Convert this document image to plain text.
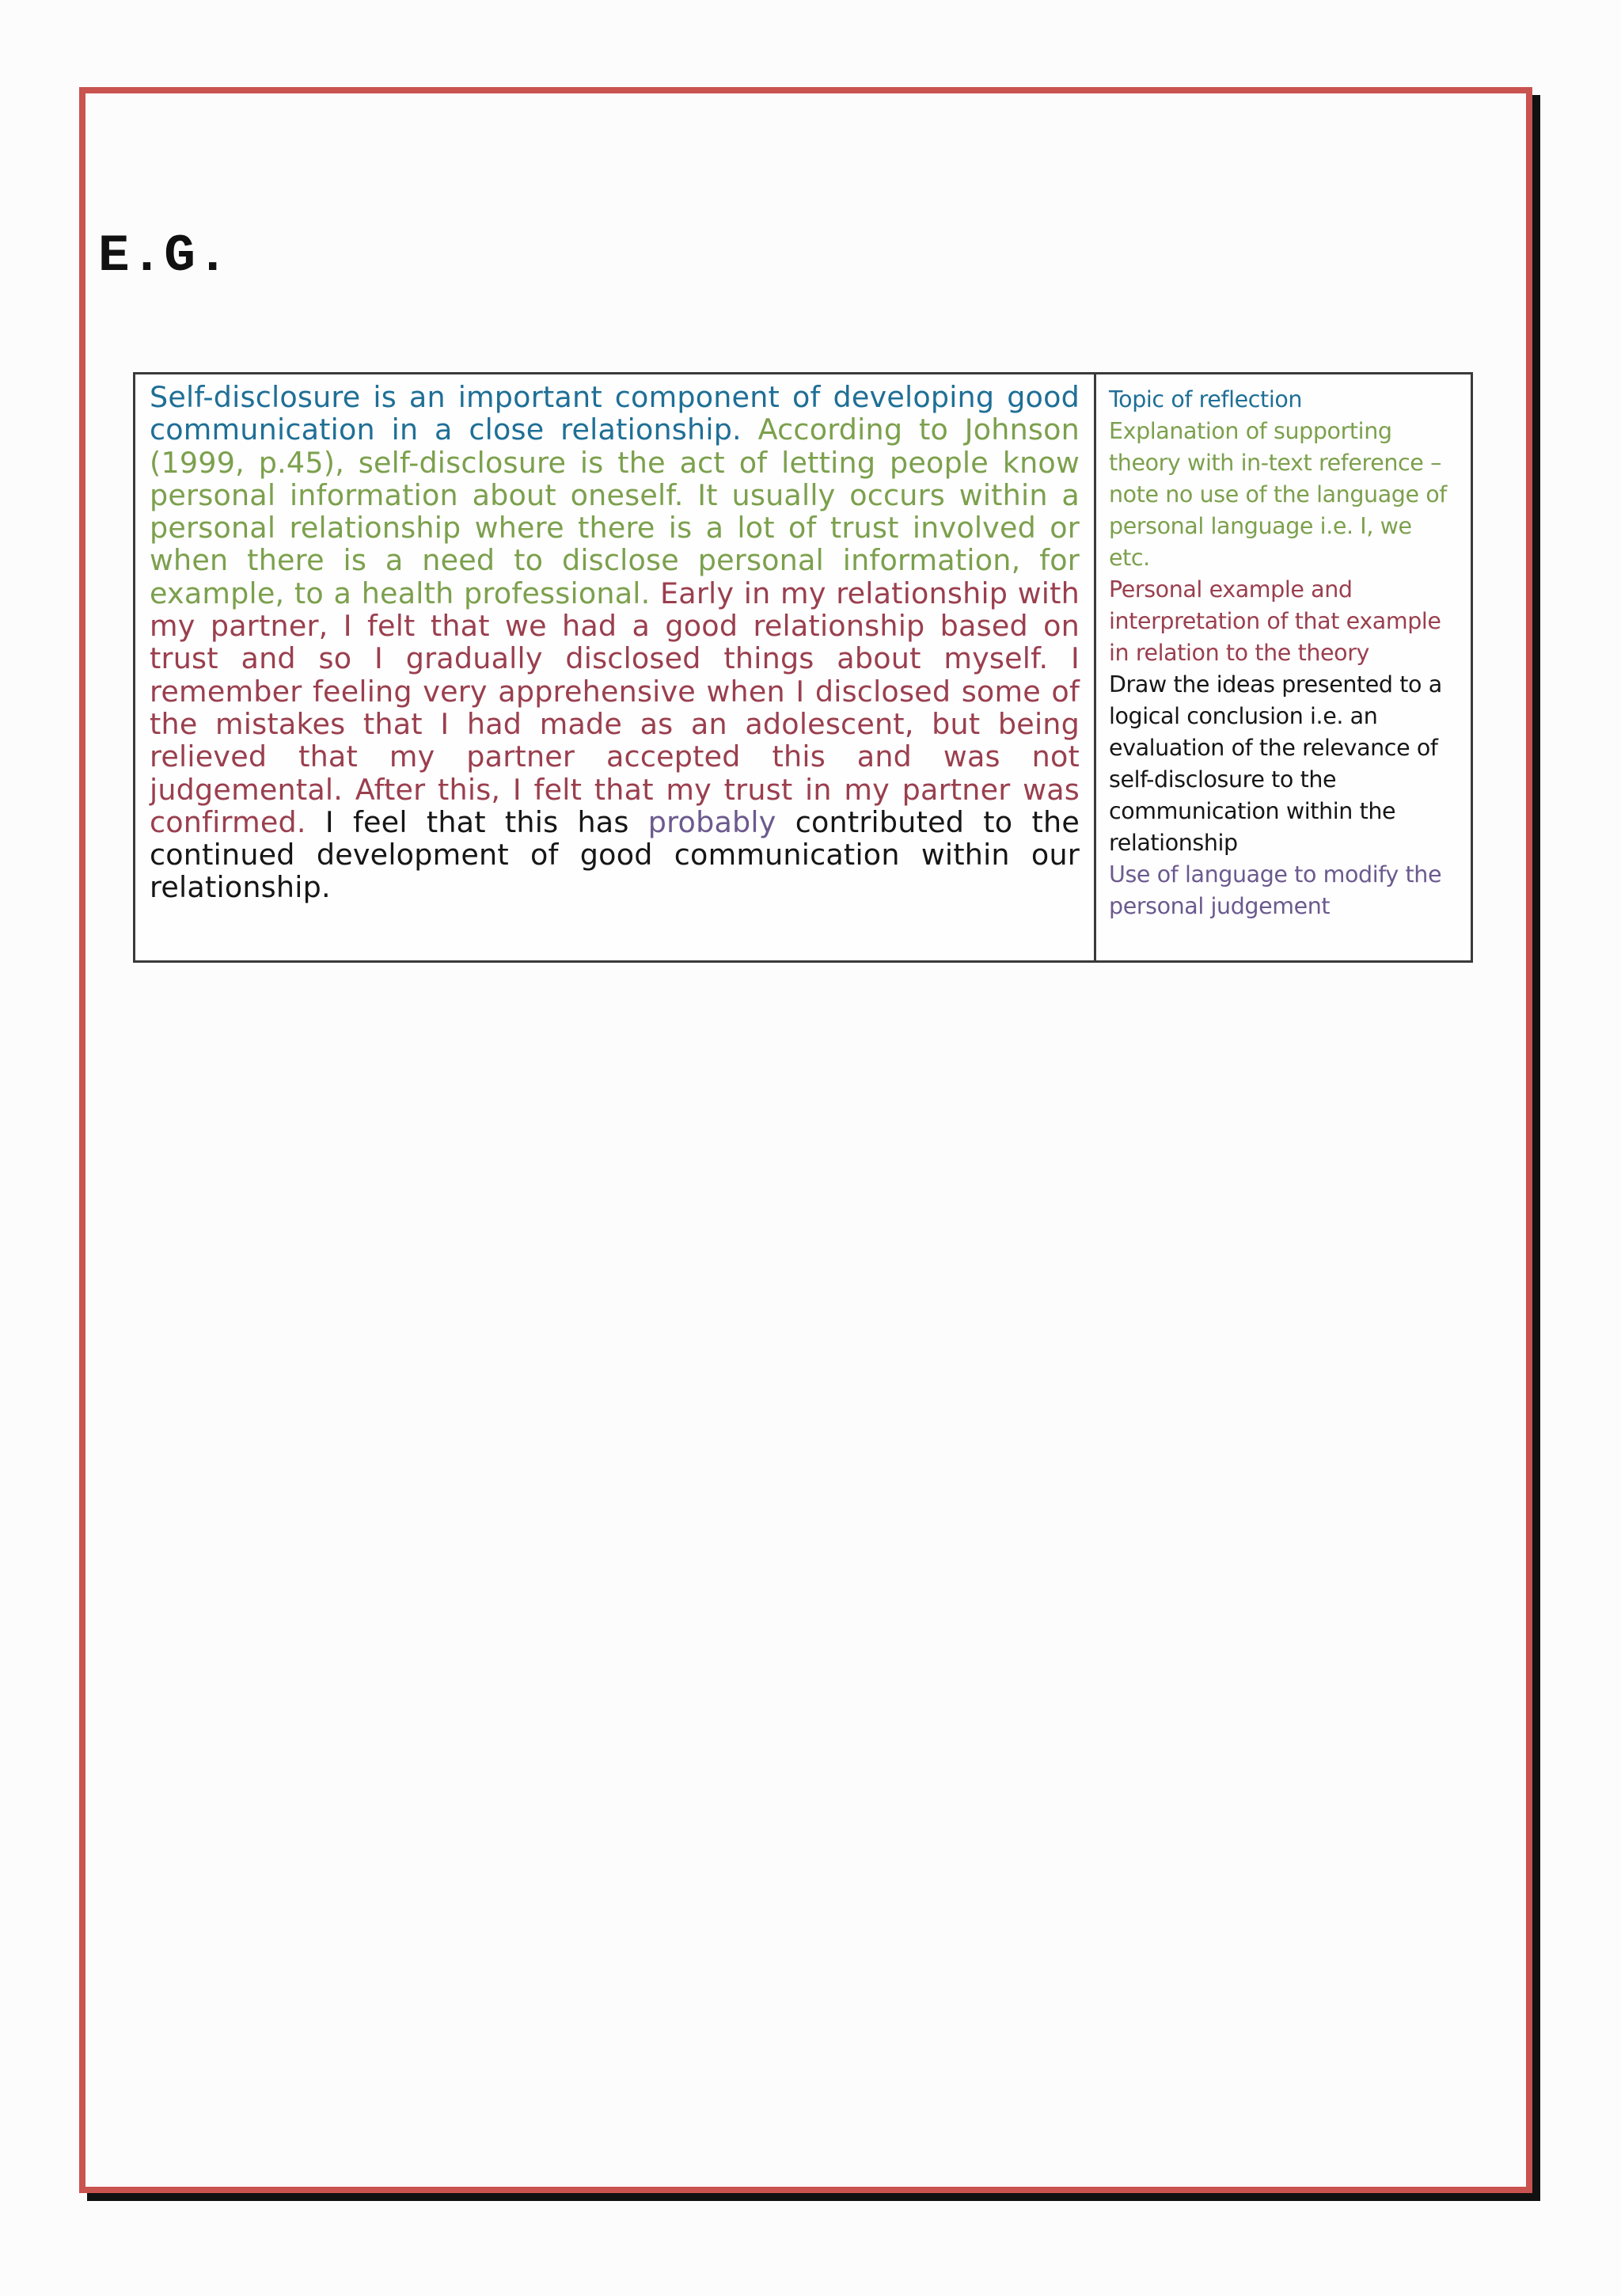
E.G.
Self-disclosure is an important component of developing good communication in a close relationship. According to Johnson (1999, p.45), self-disclosure is the act of letting people know personal information about oneself. It usually occurs within a personal relationship where there is a lot of trust involved or when there is a need to disclose personal information, for example, to a health professional. Early in my relationship with my partner, I felt that we had a good relationship based on trust and so I gradually disclosed things about myself. I remember feeling very apprehensive when I disclosed some of the mistakes that I had made as an adolescent, but being relieved that my partner accepted this and was not judgemental. After this, I felt that my trust in my partner was confirmed. I feel that this has probably contributed to the continued development of good communication within our relationship.

Topic of reflection

Explanation of supporting theory with in-text reference – note no use of the language of personal language i.e. I, we etc.

Personal example and interpretation of that example in relation to the theory

Draw the ideas presented to a logical conclusion i.e. an evaluation of the relevance of self-disclosure to the communication within the relationship

Use of language to modify the personal judgement
